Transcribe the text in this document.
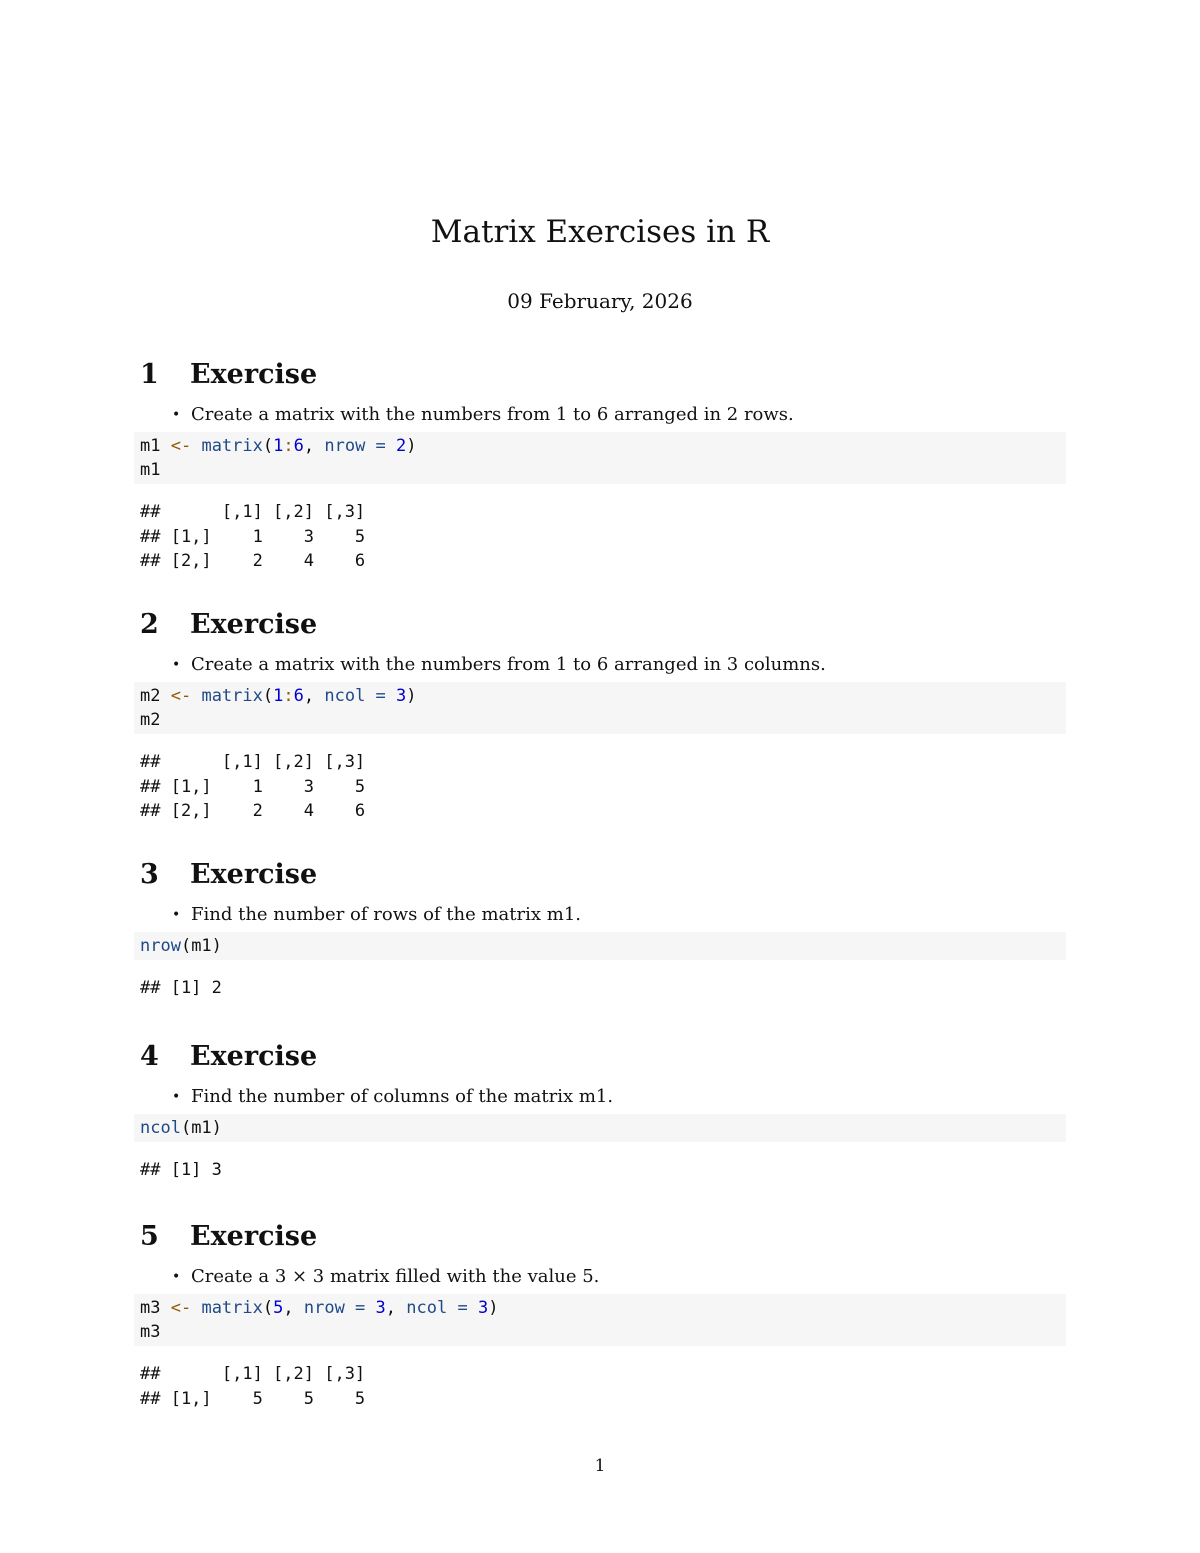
Matrix Exercises in R
09 February, 2026
1 Exercise
• Create a matrix with the numbers from 1 to 6 arranged in 2 rows.
m1 <- matrix(1:6, nrow = 2)
m1
##      [,1] [,2] [,3]
## [1,]    1    3    5
## [2,]    2    4    6
2 Exercise
• Create a matrix with the numbers from 1 to 6 arranged in 3 columns.
m2 <- matrix(1:6, ncol = 3)
m2
##      [,1] [,2] [,3]
## [1,]    1    3    5
## [2,]    2    4    6
3 Exercise
• Find the number of rows of the matrix m1.
nrow(m1)
## [1] 2
4 Exercise
• Find the number of columns of the matrix m1.
ncol(m1)
## [1] 3
5 Exercise
• Create a 3 × 3 matrix filled with the value 5.
m3 <- matrix(5, nrow = 3, ncol = 3)
m3
##      [,1] [,2] [,3]
## [1,]    5    5    5
1
